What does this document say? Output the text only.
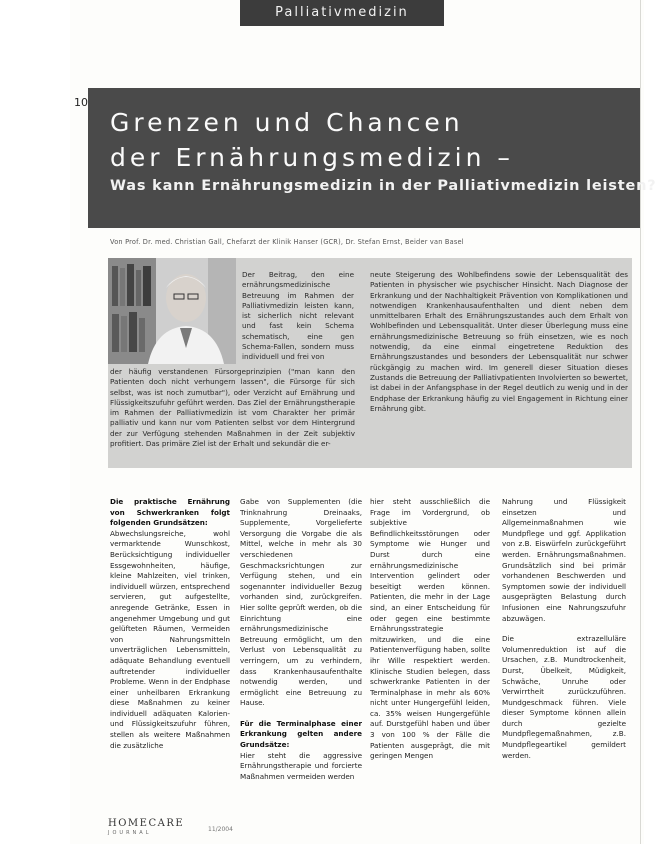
Palliativmedizin
10
Grenzen und Chancen
der Ernährungsmedizin –
Was kann Ernährungsmedizin in der Palliativmedizin leisten?
Von Prof. Dr. med. Christian Gall, Chefarzt der Klinik Hanser (GCR), Dr. Stefan Ernst, Beider van Basel
Der Beitrag, den eine ernährungsmedizinische Betreuung im Rahmen der Palliativmedizin leisten kann, ist sicherlich nicht relevant und fast kein Schema schematisch, eine gen Schema-Fallen, sondern muss individuell und frei von
der häufig verstandenen Fürsorgeprinzipien ("man kann den Patienten doch nicht verhungern lassen", die Fürsorge für sich selbst, was ist noch zumutbar"), oder Verzicht auf Ernährung und Flüssigkeitszufuhr geführt werden. Das Ziel der Ernährungstherapie im Rahmen der Palliativmedizin ist vom Charakter her primär palliativ und kann nur vom Patienten selbst vor dem Hintergrund der zur Verfügung stehenden Maßnahmen in der Zeit subjektiv profitiert. Das primäre Ziel ist der Erhalt und sekundär die er-
neute Steigerung des Wohlbefindens sowie der Lebensqualität des Patienten in physischer wie psychischer Hinsicht. Nach Diagnose der Erkrankung und der Nachhaltigkeit Prävention von Komplikationen und notwendigen Krankenhausaufenthalten und dient neben dem unmittelbaren Erhalt des Ernährungszustandes auch dem Erhalt von Wohlbefinden und Lebensqualität. Unter dieser Überlegung muss eine ernährungsmedizinische Betreuung so früh einsetzen, wie es noch notwendig, da eine einmal eingetretene Reduktion des Ernährungszustandes und besonders der Lebensqualität nur schwer rückgängig zu machen wird. Im generell dieser Situation dieses Zustands die Betreuung der Palliativpatienten Involvierten so bewertet, ist dabei in der Anfangsphase in der Regel deutlich zu wenig und in der Endphase der Erkrankung häufig zu viel Engagement in Richtung einer Ernährung gibt.
Die praktische Ernährung von Schwerkranken folgt folgenden Grundsätzen:

Abwechslungsreiche, wohl vermarktende Wunschkost, Berücksichtigung individueller Essgewohnheiten, häufige, kleine Mahlzeiten, viel trinken, individuell würzen, entsprechend servieren, gut aufgestellte, anregende Getränke, Essen in angenehmer Umgebung und gut gelüfteten Räumen, Vermeiden von Nahrungsmitteln unverträglichen Lebensmitteln, adäquate Behandlung eventuell auftretender individueller Probleme. Wenn in der Endphase einer unheilbaren Erkrankung diese Maßnahmen zu keiner individuell adäquaten Kalorien- und Flüssigkeitszufuhr führen, stellen als weitere Maßnahmen die zusätzliche

Gabe von Supplementen (die Trinknahrung Dreinaaks, Supplemente, Vorgelieferte Versorgung die Vorgabe die als Mittel, welche in mehr als 30 verschiedenen Geschmacksrichtungen zur Verfügung stehen, und ein sogenannter individueller Bezug vorhanden sind, zurückgreifen. Hier sollte geprüft werden, ob die Einrichtung eine ernährungsmedizinische Betreuung ermöglicht, um den Verlust von Lebensqualität zu verringern, um zu verhindern, dass Krankenhausaufenthalte notwendig werden, und ermöglicht eine Betreuung zu Hause.

Für die Terminalphase einer Erkrankung gelten andere Grundsätze:

Hier steht die aggressive Ernährungstherapie und forcierte Maßnahmen vermeiden werden

hier steht ausschließlich die Frage im Vordergrund, ob subjektive Befindlichkeitsstörungen oder Symptome wie Hunger und Durst durch eine ernährungsmedizinische Intervention gelindert oder beseitigt werden können. Patienten, die mehr in der Lage sind, an einer Entscheidung für oder gegen eine bestimmte Ernährungsstrategie mitzuwirken, und die eine Patientenverfügung haben, sollte ihr Wille respektiert werden. Klinische Studien belegen, dass schwerkranke Patienten in der Terminalphase in mehr als 60% nicht unter Hungergefühl leiden, ca. 35% weisen Hungergefühle auf. Durstgefühl haben und über 3 von 100 % der Fälle die Patienten ausgeprägt, die mit geringen Mengen

Nahrung und Flüssigkeit einsetzen und Allgemeinmaßnahmen wie Mundpflege und ggf. Applikation von z.B. Eiswürfeln zurückgeführt werden. Ernährungsmaßnahmen. Grundsätzlich sind bei primär vorhandenen Beschwerden und Symptomen sowie der individuell ausgeprägten Belastung durch Infusionen eine Nahrungszufuhr abzuwägen.

Die extrazelluläre Volumenreduktion ist auf die Ursachen, z.B. Mundtrockenheit, Durst, Übelkeit, Müdigkeit, Schwäche, Unruhe oder Verwirrtheit zurückzuführen. Mundgeschmack führen. Viele dieser Symptome können allein durch gezielte Mundpflegemaßnahmen, z.B. Mundpflegeartikel gemildert werden.

HOMECARE
JOURNAL	11/2004
